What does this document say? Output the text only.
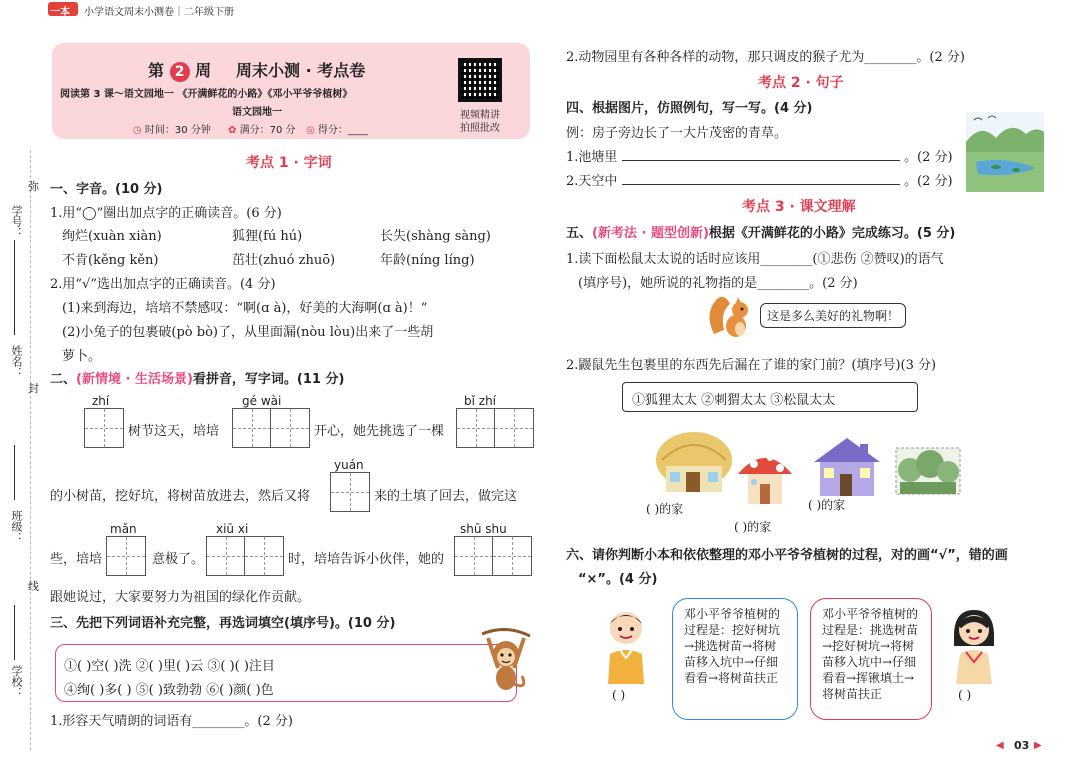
一本 小学语文周末小测卷｜二年级下册
弥
学号：
姓名：
封
班级：
线
学校：
第 2 周 周末小测 · 考点卷
阅读第 3 课～语文园地一 《开满鲜花的小路》《邓小平爷爷植树》
语文园地一
◷ 时间：30 分钟 ✿ 满分：70 分 ◎ 得分：____
视频精讲
拍照批改
考点 1 · 字词
一、字音。(10 分)
1.用“◯”圈出加点字的正确读音。(6 分)
绚烂(xuàn xiàn)	狐狸(fú hú)	长失(shàng sàng)
不肯(kěng kěn)	茁壮(zhuó zhuō)	年龄(níng líng)
2.用“√”选出加点字的正确读音。(4 分)
(1)来到海边，培培不禁感叹：“啊(ɑ à)，好美的大海啊(ɑ à)！”
(2)小兔子的包裹破(pò bò)了，从里面漏(nòu lòu)出来了一些胡
萝卜。
二、(新情境 · 生活场景)看拼音，写字词。(11 分)
zhí	gé wài	bǐ zhí
树节这天，培培	开心，她先挑选了一棵
yuán
的小树苗，挖好坑，将树苗放进去，然后又将	来的土填了回去，做完这
mǎn	xiū xi	shū shu
些，培培	意极了。	时，培培告诉小伙伴，她的
跟她说过，大家要努力为祖国的绿化作贡献。
三、先把下列词语补充完整，再选词填空(填序号)。(10 分)
①( )空( )洗 ②( )里( )云 ③( )( )注目
④绚( )多( ) ⑤( )致勃勃 ⑥( )颜( )色
1.形容天气晴朗的词语有________。(2 分)
2.动物园里有各种各样的动物，那只调皮的猴子尤为________。(2 分)
考点 2 · 句子
四、根据图片，仿照例句，写一写。(4 分)
例：房子旁边长了一大片茂密的青草。
1.池塘里	。(2 分)
2.天空中	。(2 分)
考点 3 · 课文理解
五、(新考法 · 题型创新)根据《开满鲜花的小路》完成练习。(5 分)
1.读下面松鼠太太说的话时应该用________(①悲伤 ②赞叹)的语气
(填序号)，她所说的礼物指的是________。(2 分)
这是多么美好的礼物啊！
2.鼹鼠先生包裹里的东西先后漏在了谁的家门前？(填序号)(3 分)
①狐狸太太 ②刺猬太太 ③松鼠太太
( )的家	( )的家
( )的家
六、请你判断小本和依依整理的邓小平爷爷植树的过程，对的画“√”，错的画
“×”。(4 分)
( )
邓小平爷爷植树的过程是：挖好树坑→挑选树苗→将树苗移入坑中→仔细看看→将树苗扶正
邓小平爷爷植树的过程是：挑选树苗→挖好树坑→将树苗移入坑中→仔细看看→挥锹填土→将树苗扶正	( )
◀ 03 ▶
